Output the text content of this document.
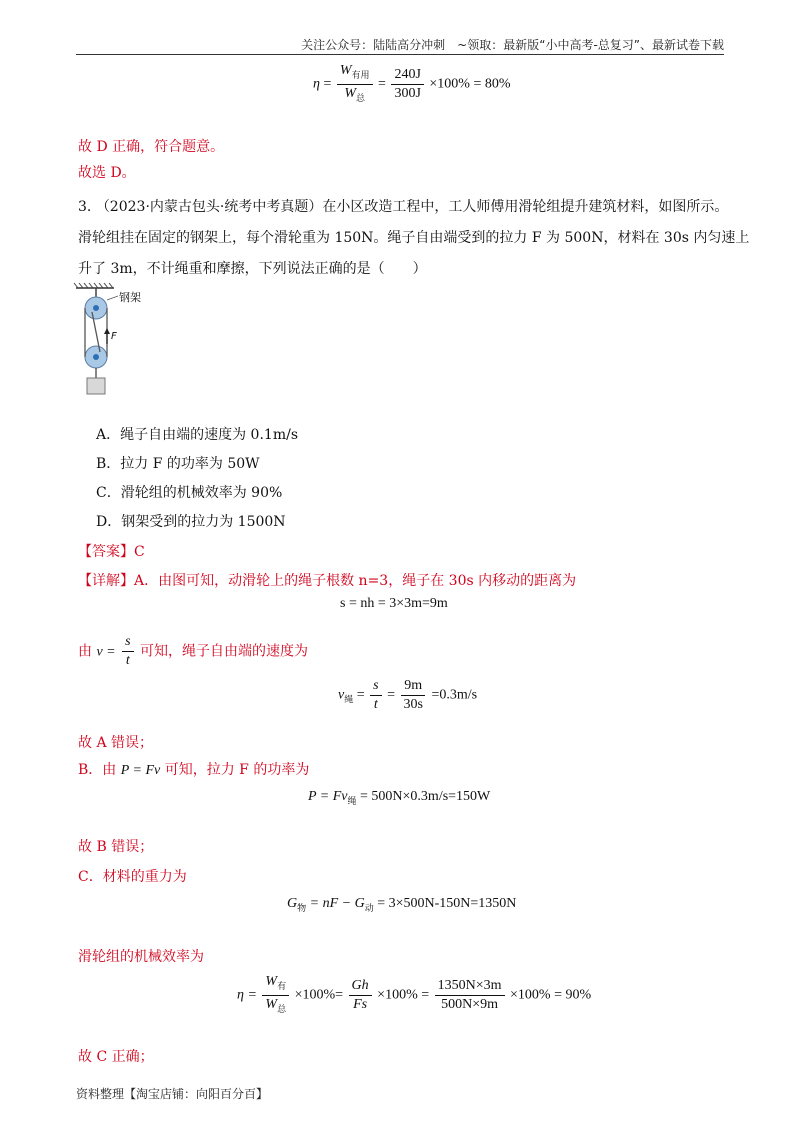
关注公众号：陆陆高分冲刺　~领取：最新版“小中高考-总复习”、最新试卷下载
$\eta = \frac{W_{有用}}{W_总} = \frac{240J}{300J} \times 100\% = 80\%$
故 D 正确，符合题意。
故选 D。
3. （2023·内蒙古包头·统考中考真题）在小区改造工程中，工人师傅用滑轮组提升建筑材料，如图所示。
滑轮组挂在固定的钢架上，每个滑轮重为 150N。绳子自由端受到的拉力 F 为 500N，材料在 30s 内匀速上
升了 3m，不计绳重和摩擦，下列说法正确的是（　　）
F
钢架
A．绳子自由端的速度为 0.1m/s
B．拉力 F 的功率为 50W
C．滑轮组的机械效率为 90%
D．钢架受到的拉力为 1500N
【答案】C
【详解】A．由图可知，动滑轮上的绳子根数 n=3，绳子在 30s 内移动的距离为
s = nh = 3×3m=9m
由 $v = \frac{s}{t}$ 可知，绳子自由端的速度为
$v_绳 = \frac{s}{t} = \frac{9m}{30s} =0.3m/s$
故 A 错误；
B．由 P = Fv 可知，拉力 F 的功率为
$P = Fv_绳 = 500N\times 0.3m/s=150W$
故 B 错误；
C．材料的重力为
$G_物$ = nF − $G_动 = 3\times 500N-150N=1350N$
滑轮组的机械效率为
$\eta = \frac{W_有}{W_总} \times 100\%= \frac{Gh}{Fs} \times 100\% = \frac{1350N\times 3m}{500N\times 9m} \times 100\% = 90\%$
故 C 正确；
资料整理【淘宝店铺：向阳百分百】
